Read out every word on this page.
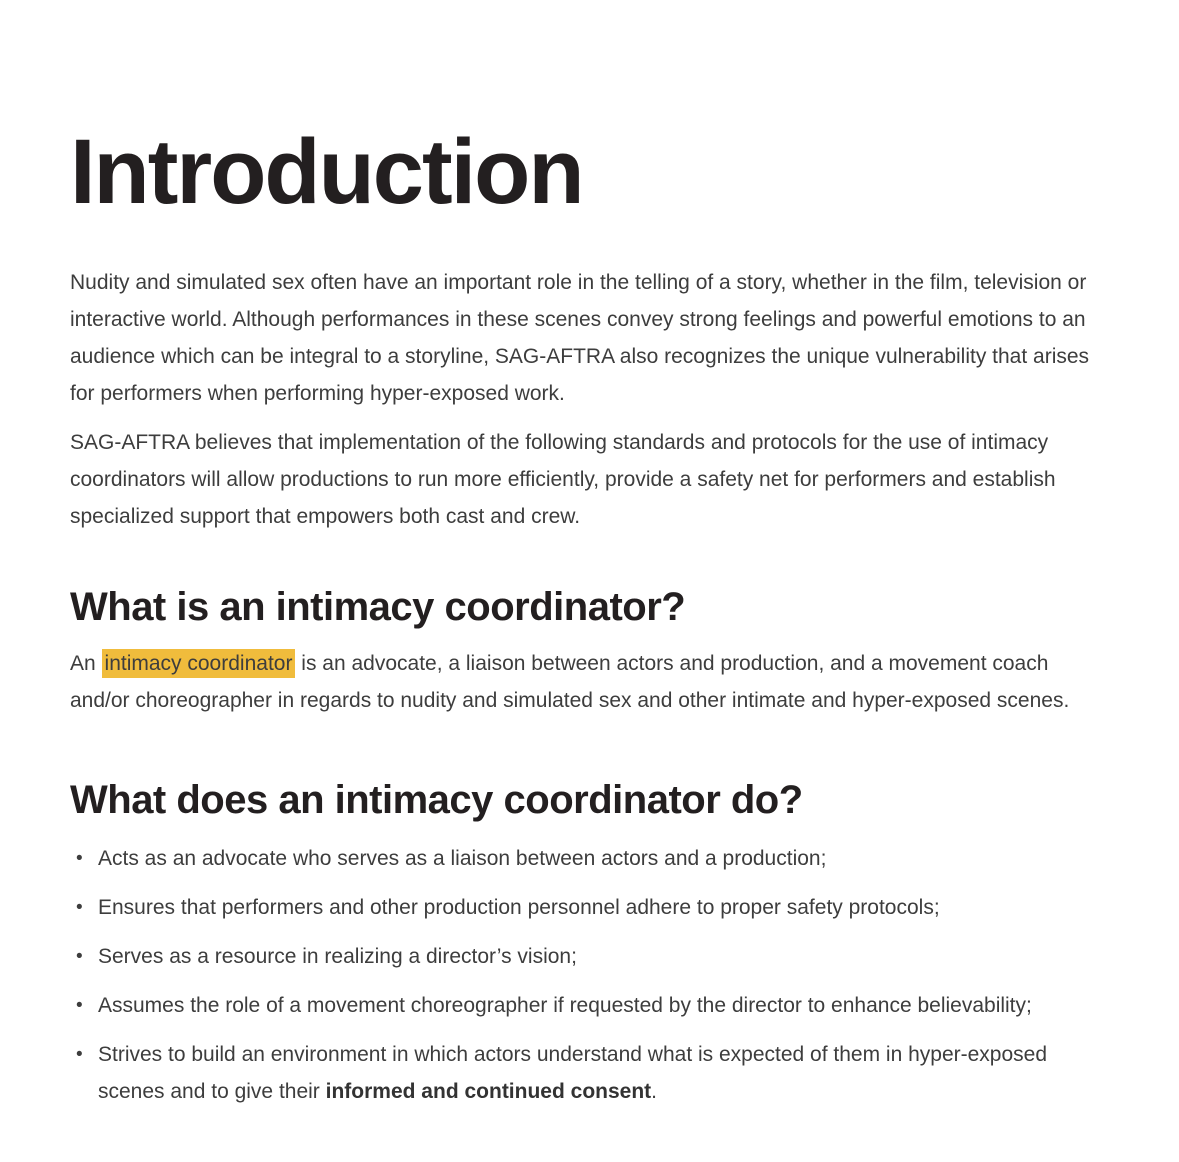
Introduction

Nudity and simulated sex often have an important role in the telling of a story, whether in the film, television or interactive world. Although performances in these scenes convey strong feelings and powerful emotions to an audience which can be integral to a storyline, SAG-AFTRA also recognizes the unique vulnerability that arises for performers when performing hyper-exposed work.

SAG-AFTRA believes that implementation of the following standards and protocols for the use of intimacy coordinators will allow productions to run more efficiently, provide a safety net for performers and establish specialized support that empowers both cast and crew.

What is an intimacy coordinator?

An intimacy coordinator is an advocate, a liaison between actors and production, and a movement coach and/or choreographer in regards to nudity and simulated sex and other intimate and hyper-exposed scenes.

What does an intimacy coordinator do?
• Acts as an advocate who serves as a liaison between actors and a production;
• Ensures that performers and other production personnel adhere to proper safety protocols;
• Serves as a resource in realizing a director’s vision;
• Assumes the role of a movement choreographer if requested by the director to enhance believability;
• Strives to build an environment in which actors understand what is expected of them in hyper-exposed scenes and to give their informed and continued consent.
